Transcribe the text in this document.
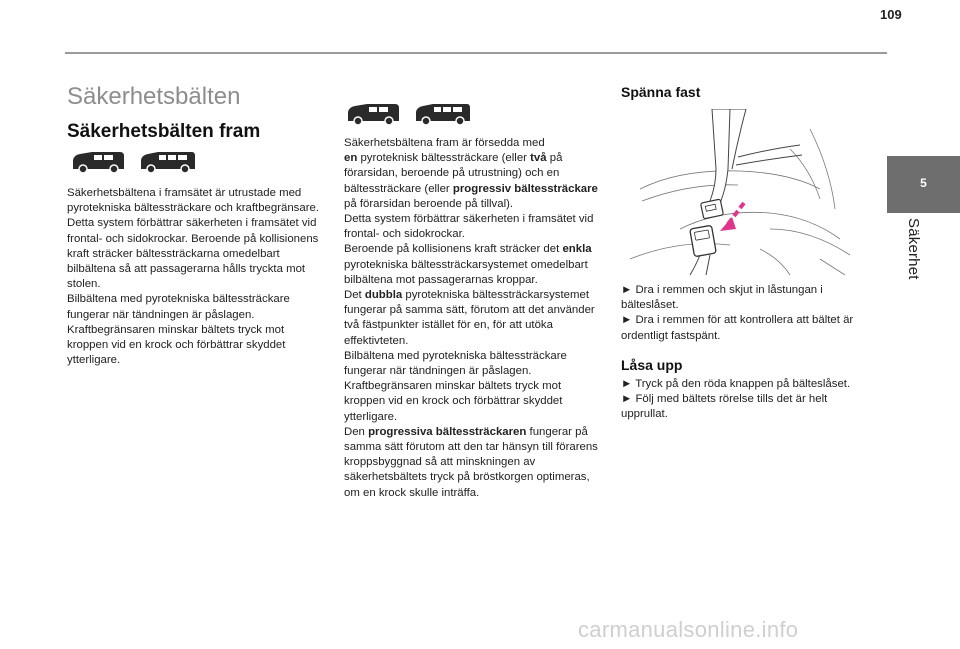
109
5
Säkerhet
Säkerhetsbälten
Säkerhetsbälten fram

Säkerhetsbältena i framsätet är utrustade med pyrotekniska bältessträckare och kraftbegränsare.

Detta system förbättrar säkerheten i framsätet vid frontal- och sidokrockar. Beroende på kollisionens kraft sträcker bältessträckarna omedelbart bilbältena så att passagerarna hålls tryckta mot stolen.

Bilbältena med pyrotekniska bältessträckare fungerar när tändningen är påslagen.

Kraftbegränsaren minskar bältets tryck mot kroppen vid en krock och förbättrar skyddet ytterligare.

Säkerhetsbältena fram är försedda med
en pyroteknisk bältessträckare (eller två på förarsidan, beroende på utrustning) och en bältessträckare (eller progressiv bältessträckare på förarsidan beroende på tillval).

Detta system förbättrar säkerheten i framsätet vid frontal- och sidokrockar.

Beroende på kollisionens kraft sträcker det enkla pyrotekniska bältessträckarsystemet omedelbart bilbältena mot passagerarnas kroppar.

Det dubbla pyrotekniska bältessträckarsystemet fungerar på samma sätt, förutom att det använder två fästpunkter istället för en, för att utöka effektivteten.

Bilbältena med pyrotekniska bältessträckare fungerar när tändningen är påslagen.

Kraftbegränsaren minskar bältets tryck mot kroppen vid en krock och förbättrar skyddet ytterligare.

Den progressiva bältessträckaren fungerar på samma sätt förutom att den tar hänsyn till förarens kroppsbyggnad så att minskningen av säkerhetsbältets tryck på bröstkorgen optimeras, om en krock skulle inträffa.

Spänna fast

► Dra i remmen och skjut in låstungan i bälteslåset.

► Dra i remmen för att kontrollera att bältet är ordentligt fastspänt.

Låsa upp

► Tryck på den röda knappen på bälteslåset.

► Följ med bältets rörelse tills det är helt upprullat.

carmanualsonline.info
